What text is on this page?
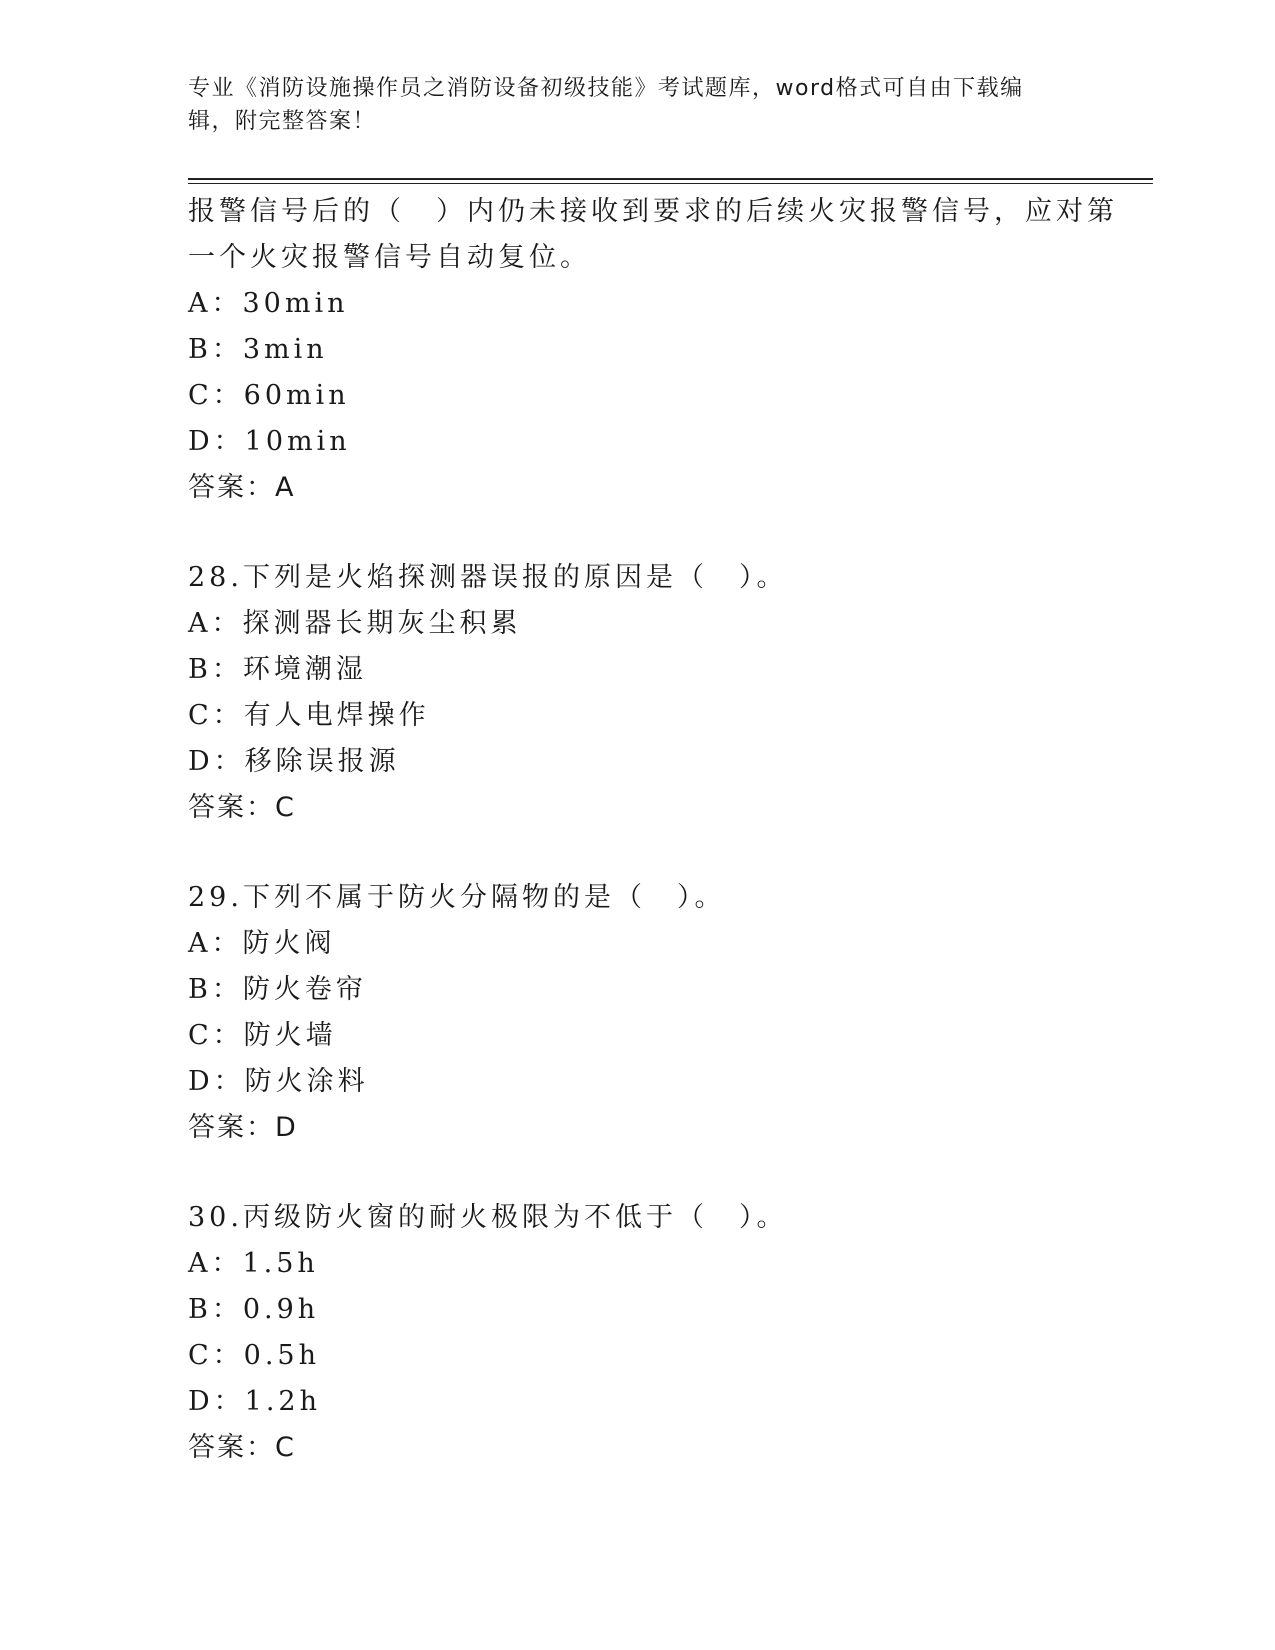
专业《消防设施操作员之消防设备初级技能》考试题库，word格式可自由下载编
辑，附完整答案！
报警信号后的（　）内仍未接收到要求的后续火灾报警信号，应对第
一个火灾报警信号自动复位。
A：30min
B：3min
C：60min
D：10min
答案：A
28.下列是火焰探测器误报的原因是（　）。
A：探测器长期灰尘积累
B：环境潮湿
C：有人电焊操作
D：移除误报源
答案：C
29.下列不属于防火分隔物的是（　）。
A：防火阀
B：防火卷帘
C：防火墙
D：防火涂料
答案：D
30.丙级防火窗的耐火极限为不低于（　）。
A：1.5h
B：0.9h
C：0.5h
D：1.2h
答案：C
